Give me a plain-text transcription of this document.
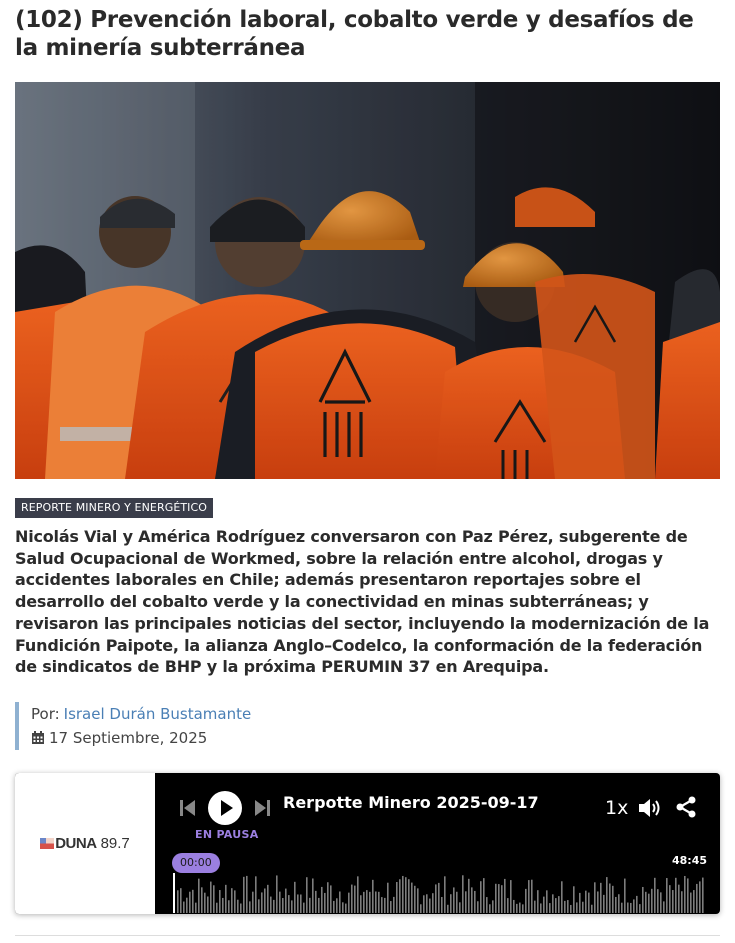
(102) Prevención laboral, cobalto verde y desafíos de la minería subterránea
REPORTE MINERO Y ENERGÉTICO

Nicolás Vial y América Rodríguez conversaron con Paz Pérez, subgerente de Salud Ocupacional de Workmed, sobre la relación entre alcohol, drogas y accidentes laborales en Chile; además presentaron reportajes sobre el desarrollo del cobalto verde y la conectividad en minas subterráneas; y revisaron las principales noticias del sector, incluyendo la modernización de la Fundición Paipote, la alianza Anglo–Codelco, la conformación de la federación de sindicatos de BHP y la próxima PERUMIN 37 en Arequipa.

Por: Israel Durán Bustamante
17 Septiembre, 2025
DUNA 89.7
EN PAUSA
Rerpotte Minero 2025-09-17	1x
00:00	48:45
